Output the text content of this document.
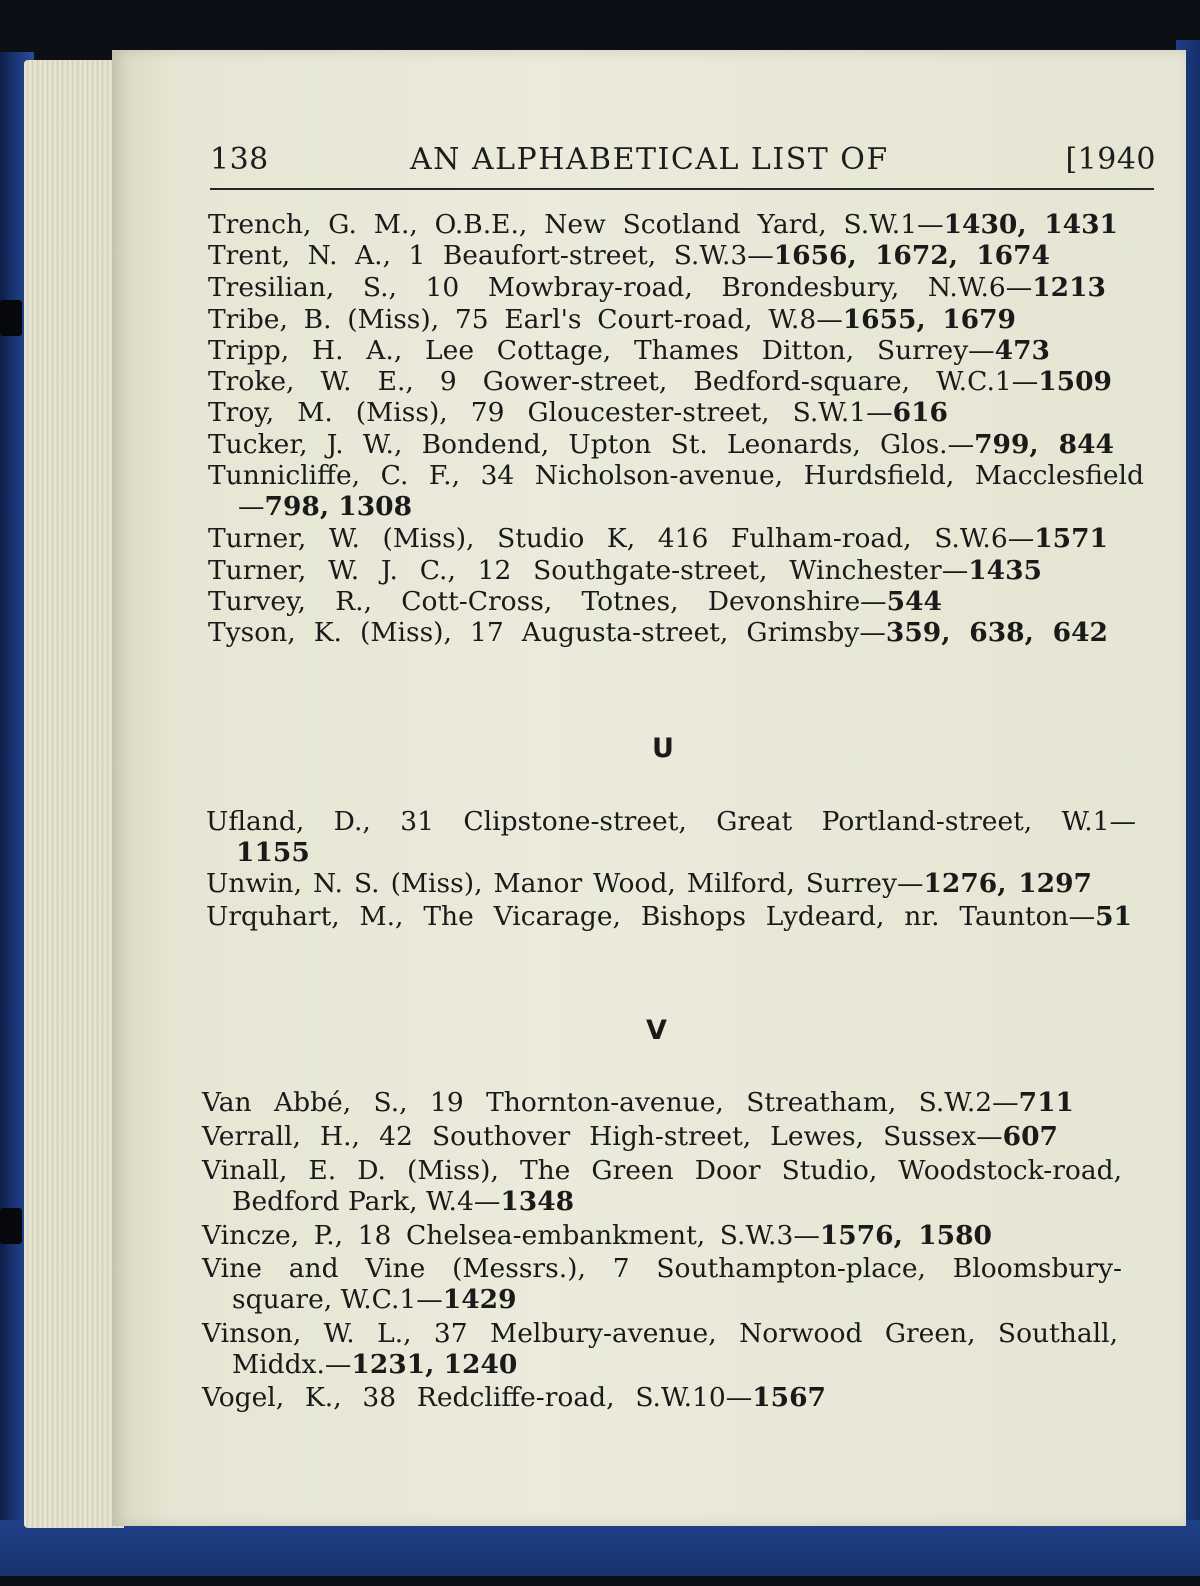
138	AN ALPHABETICAL LIST OF	[1940
Trench, G. M., O.B.E., New Scotland Yard, S.W.1—1430, 1431
Trent, N. A., 1 Beaufort-street, S.W.3—1656, 1672, 1674
Tresilian, S., 10 Mowbray-road, Brondesbury, N.W.6—1213
Tribe, B. (Miss), 75 Earl's Court-road, W.8—1655, 1679
Tripp, H. A., Lee Cottage, Thames Ditton, Surrey—473
Troke, W. E., 9 Gower-street, Bedford-square, W.C.1—1509
Troy, M. (Miss), 79 Gloucester-street, S.W.1—616
Tucker, J. W., Bondend, Upton St. Leonards, Glos.—799, 844
Tunnicliffe, C. F., 34 Nicholson-avenue, Hurdsfield, Macclesfield
—798, 1308
Turner, W. (Miss), Studio K, 416 Fulham-road, S.W.6—1571
Turner, W. J. C., 12 Southgate-street, Winchester—1435
Turvey, R., Cott-Cross, Totnes, Devonshire—544
Tyson, K. (Miss), 17 Augusta-street, Grimsby—359, 638, 642
U
Ufland, D., 31 Clipstone-street, Great Portland-street, W.1—
1155
Unwin, N. S. (Miss), Manor Wood, Milford, Surrey—1276, 1297
Urquhart, M., The Vicarage, Bishops Lydeard, nr. Taunton—51
V
Van Abbé, S., 19 Thornton-avenue, Streatham, S.W.2—711
Verrall, H., 42 Southover High-street, Lewes, Sussex—607
Vinall, E. D. (Miss), The Green Door Studio, Woodstock-road,
Bedford Park, W.4—1348
Vincze, P., 18 Chelsea-embankment, S.W.3—1576, 1580
Vine and Vine (Messrs.), 7 Southampton-place, Bloomsbury-
square, W.C.1—1429
Vinson, W. L., 37 Melbury-avenue, Norwood Green, Southall,
Middx.—1231, 1240
Vogel, K., 38 Redcliffe-road, S.W.10—1567
